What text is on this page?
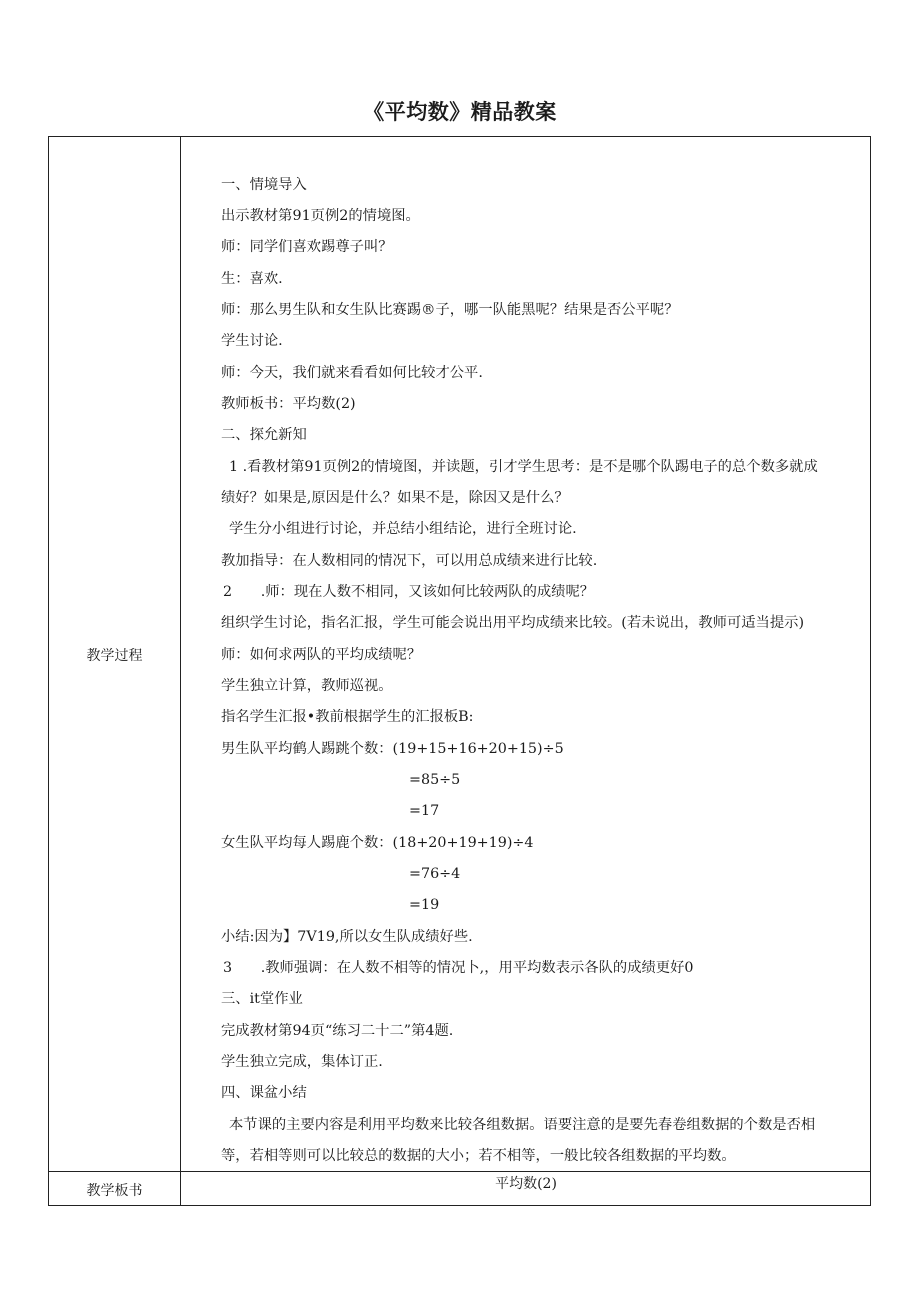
《平均数》精品教案
教学过程
教学板书	平均数(2)
一、情境导入
出示教材第91页例2的情境图。
师：同学们喜欢踢尊子叫？
生：喜欢.
师：那么男生队和女生队比赛踢®子，哪一队能黑呢？结果是否公平呢？
学生讨论.
师：今天，我们就来看看如何比较才公平.
教师板书：平均数(2)
二、探允新知
1 .看教材第91页例2的情境图，并读题，引才学生思考：是不是哪个队踢电子的总个数多就成
绩好？如果是,原因是什么？如果不是，除因又是什么？
学生分小组进行讨论，并总结小组结论，进行全班讨论.
教加指导：在人数相同的情况下，可以用总成绩来进行比较.
2　　.师：现在人数不相同，又该如何比较两队的成绩呢？
组织学生讨论，指名汇报，学生可能会说出用平均成绩来比较。(若未说出，教师可适当提示)
师：如何求两队的平均成绩呢？
学生独立计算，教师巡视。
指名学生汇报•教前根据学生的汇报板B:
男生队平均鹤人踢跳个数：(19+15+16+20+15)÷5
=85÷5
=17
女生队平均每人踢鹿个数：(18+20+19+19)÷4
=76÷4
=19
小结:因为】7V19,所以女生队成绩好些.
3　　.教师强调：在人数不相等的情况卜,，用平均数表示各队的成绩更好0
三、it堂作业
完成教材第94页“练习二十二”第4题.
学生独立完成，集体订正.
四、课盆小结
本节课的主要内容是利用平均数来比较各组数据。语要注意的是要先春卷组数据的个数是否相
等，若相等则可以比较总的数据的大小；若不相等，一般比较各组数据的平均数。
